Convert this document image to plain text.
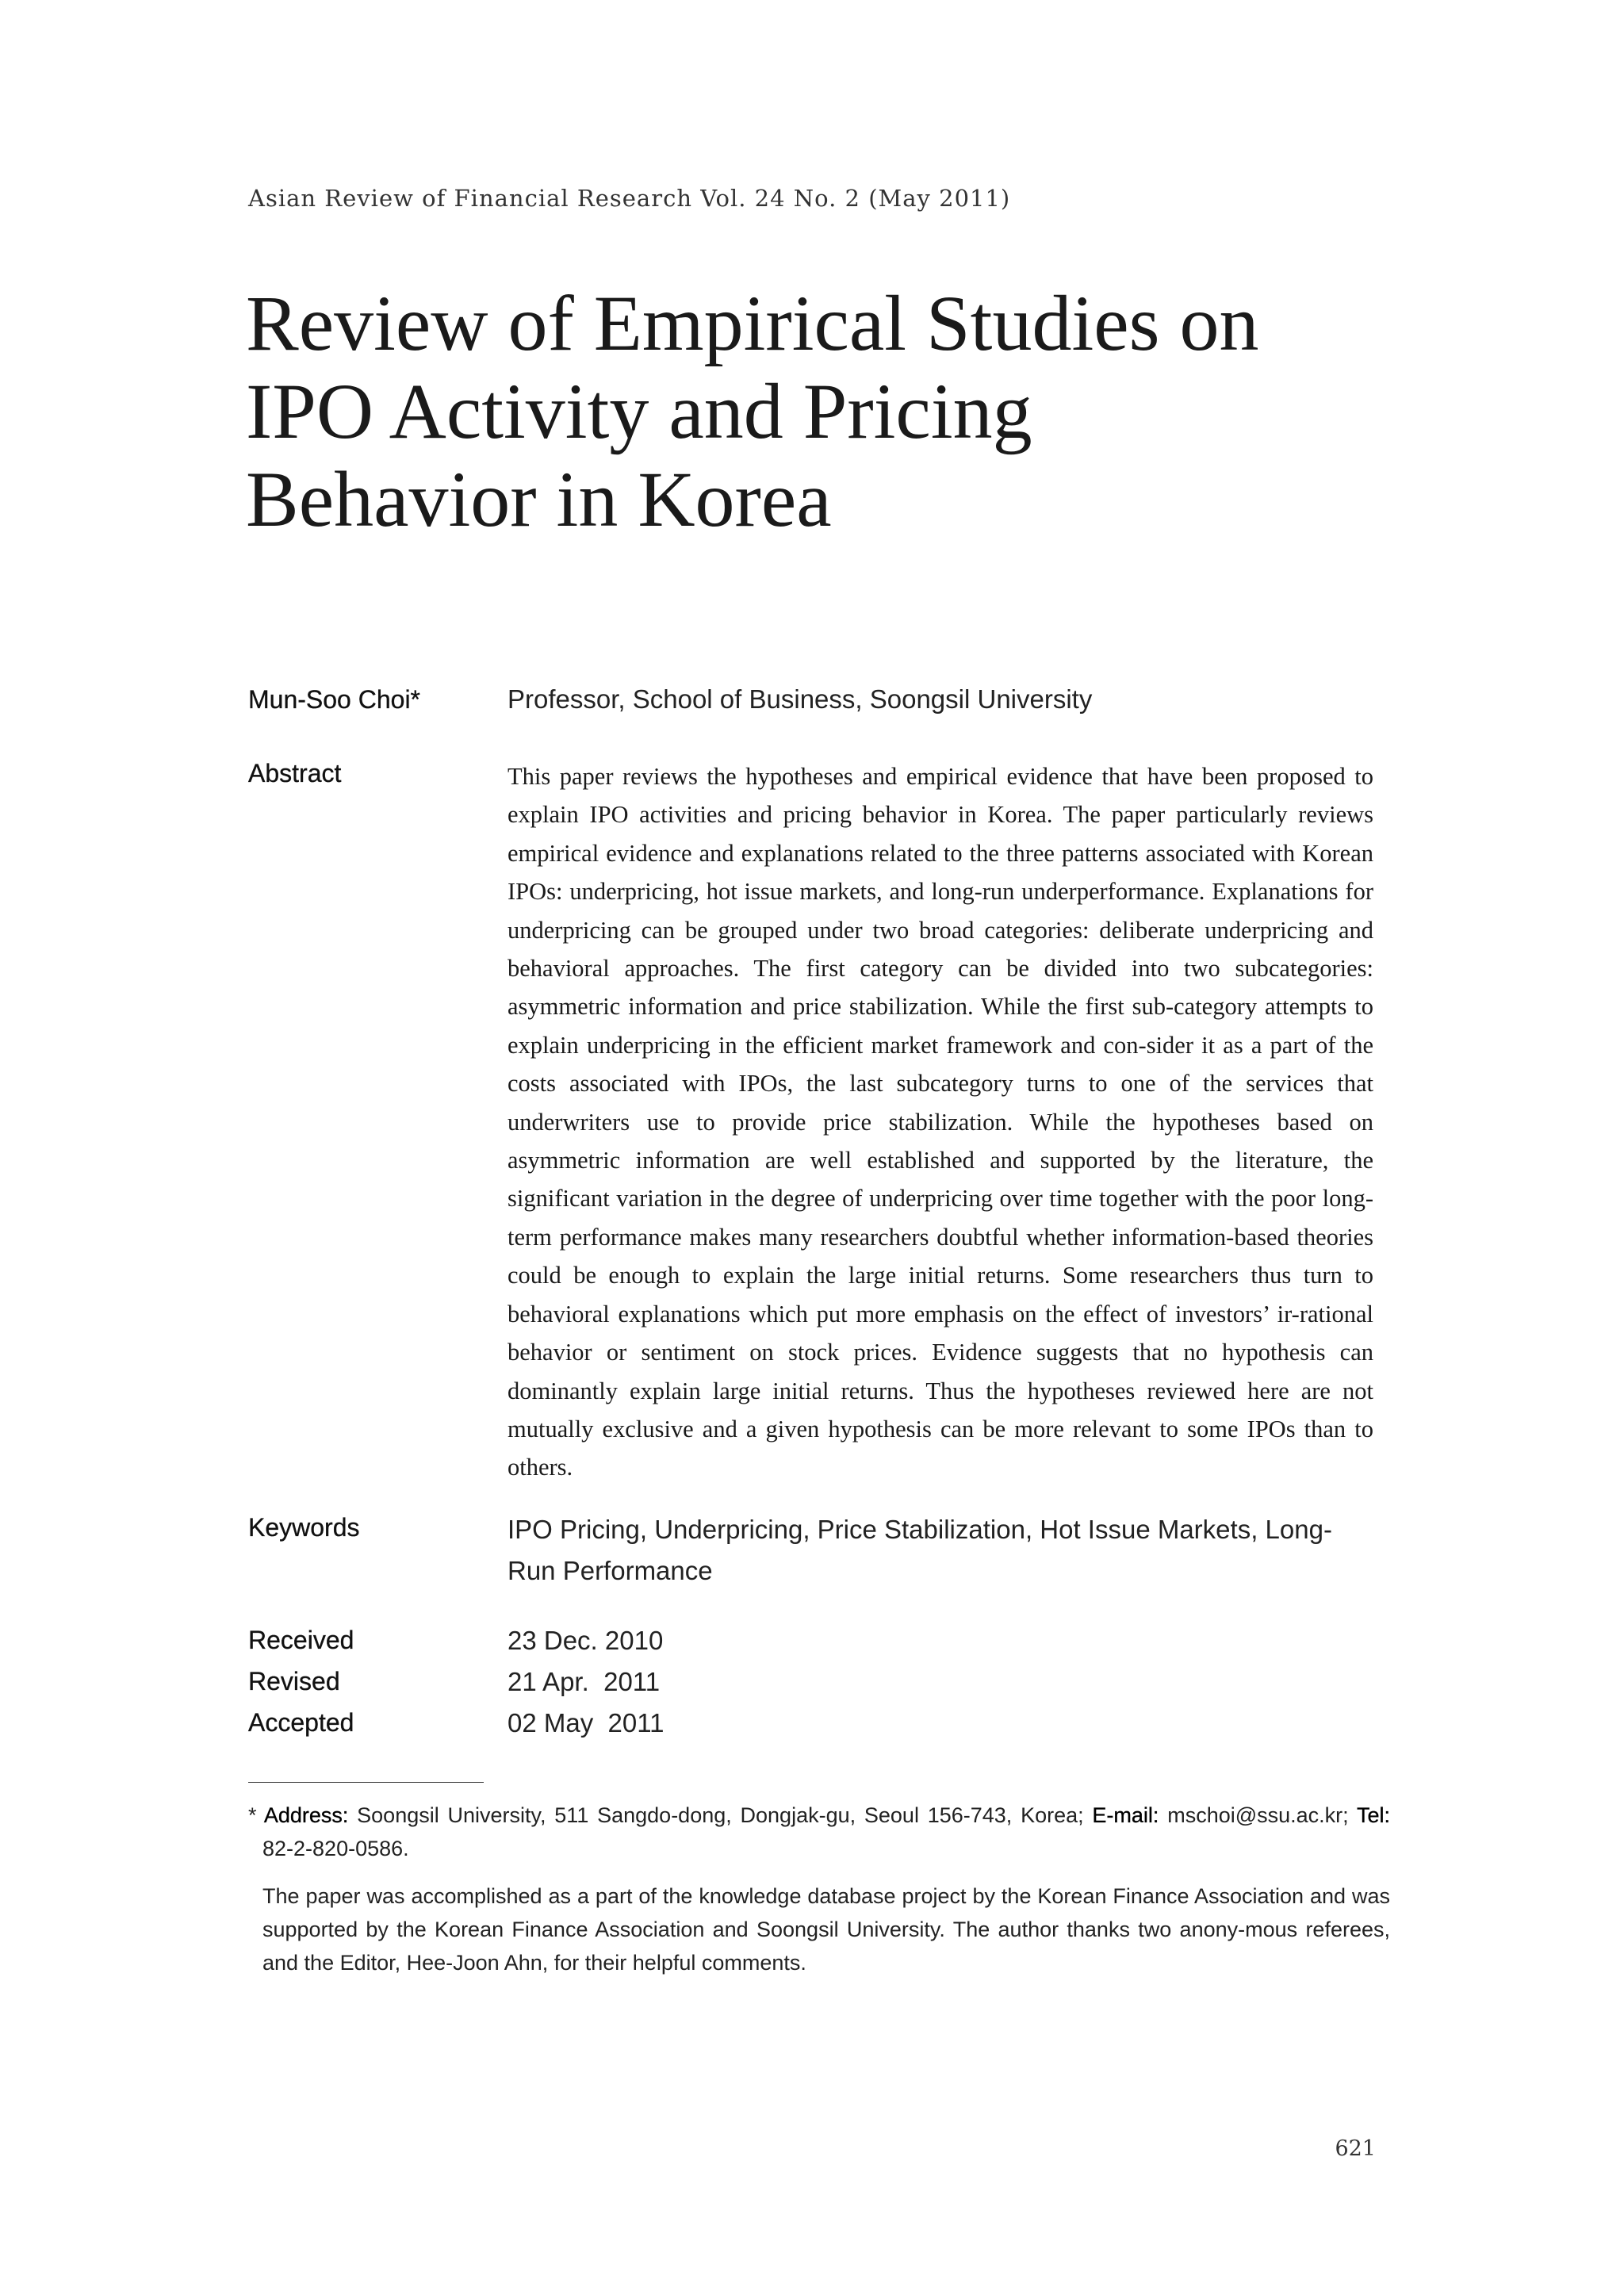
Asian Review of Financial Research Vol. 24 No. 2 (May 2011)
Review of Empirical Studies on
IPO Activity and Pricing
Behavior in Korea
Mun-Soo Choi*	Professor, School of Business, Soongsil University
Abstract	This paper reviews the hypotheses and empirical evidence that have been proposed to explain IPO activities and pricing behavior in Korea. The paper particularly reviews empirical evidence and explanations related to the three patterns associated with Korean IPOs: underpricing, hot issue markets, and long-run underperformance. Explanations for underpricing can be grouped under two broad categories: deliberate underpricing and behavioral approaches. The first category can be divided into two subcategories: asymmetric information and price stabilization. While the first sub-category attempts to explain underpricing in the efficient market framework and con-sider it as a part of the costs associated with IPOs, the last subcategory turns to one of the services that underwriters use to provide price stabilization. While the hypotheses based on asymmetric information are well established and supported by the literature, the significant variation in the degree of underpricing over time together with the poor long-term performance makes many researchers doubtful whether information-based theories could be enough to explain the large initial returns. Some researchers thus turn to behavioral explanations which put more emphasis on the effect of investors’ ir-rational behavior or sentiment on stock prices. Evidence suggests that no hypothesis can dominantly explain large initial returns. Thus the hypotheses reviewed here are not mutually exclusive and a given hypothesis can be more relevant to some IPOs than to others.

Keywords	IPO Pricing, Underpricing, Price Stabilization, Hot Issue Markets, Long-Run Performance
Received	23 Dec. 2010
Revised	21 Apr.  2011
Accepted	02 May  2011

* Address: Soongsil University, 511 Sangdo-dong, Dongjak-gu, Seoul 156-743, Korea; E-mail: mschoi@ssu.ac.kr; Tel: 82-2-820-0586.

The paper was accomplished as a part of the knowledge database project by the Korean Finance Association and was supported by the Korean Finance Association and Soongsil University. The author thanks two anony-mous referees, and the Editor, Hee-Joon Ahn, for their helpful comments.

621
